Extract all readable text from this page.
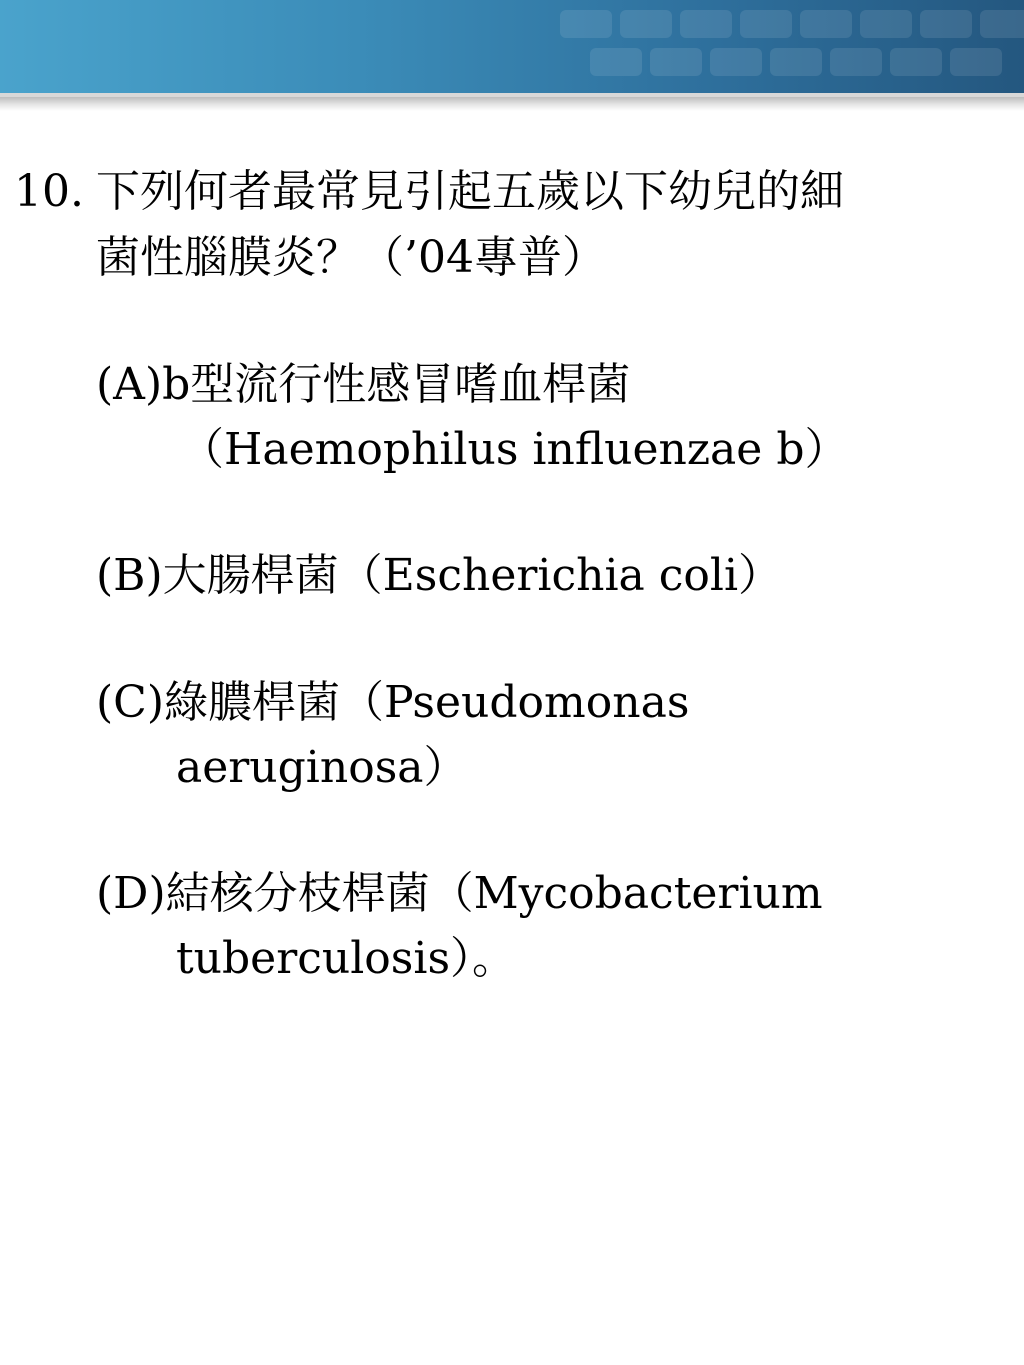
10. 下列何者最常見引起五歲以下幼兒的細
菌性腦膜炎？（’04專普）
(A)b型流行性感冒嗜血桿菌
（Haemophilus influenzae b）
(B)大腸桿菌（Escherichia coli）
(C)綠膿桿菌（Pseudomonas
aeruginosa）
(D)結核分枝桿菌（Mycobacterium
tuberculosis）。
